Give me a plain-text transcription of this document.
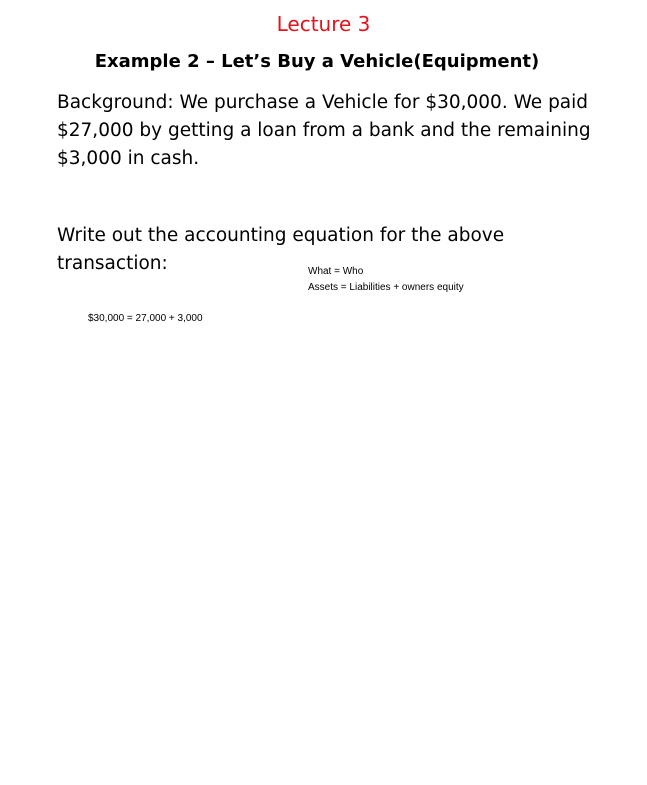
Lecture 3
Example 2 – Let’s Buy a Vehicle(Equipment)

Background: We purchase a Vehicle for $30,000. We paid $27,000 by getting a loan from a bank and the remaining $3,000 in cash.

Write out the accounting equation for the above transaction:	What = Who
Assets = Liabilities + owners equity
$30,000 = 27,000 + 3,000
